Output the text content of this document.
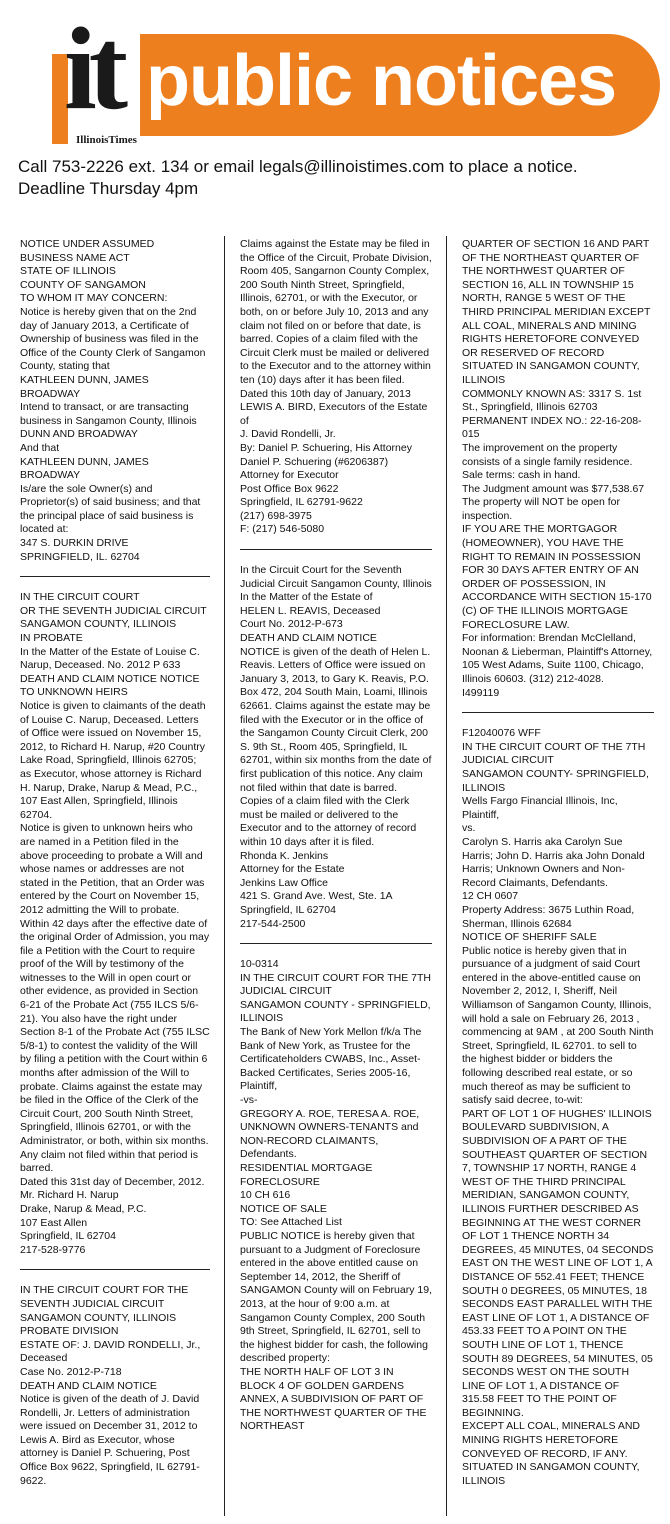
public notices
it
IllinoisTimes
Call 753-2226 ext. 134 or email legals@illinoistimes.com to place a notice.
Deadline Thursday 4pm
NOTICE UNDER ASSUMED
BUSINESS NAME ACT
STATE OF ILLINOIS
COUNTY OF SANGAMON
TO WHOM IT MAY CONCERN:
Notice is hereby given that on the 2nd day of January 2013, a Certificate of Ownership of business was filed in the Office of the County Clerk of Sangamon County, stating that
KATHLEEN DUNN, JAMES BROADWAY
Intend to transact, or are transacting business in Sangamon County, Illinois
DUNN AND BROADWAY
And that
KATHLEEN DUNN, JAMES BROADWAY
Is/are the sole Owner(s) and Proprietor(s) of said business; and that the principal place of said business is located at:
347 S. DURKIN DRIVE
SPRINGFIELD, IL. 62704
IN THE CIRCUIT COURT
OR THE SEVENTH JUDICIAL CIRCUIT
SANGAMON COUNTY, ILLINOIS
IN PROBATE
In the Matter of the Estate of Louise C. Narup, Deceased. No. 2012 P 633
DEATH AND CLAIM NOTICE NOTICE TO UNKNOWN HEIRS
Notice is given to claimants of the death of Louise C. Narup, Deceased. Letters of Office were issued on November 15, 2012, to Richard H. Narup, #20 Country Lake Road, Springfield, Illinois 62705; as Executor, whose attorney is Richard H. Narup, Drake, Narup & Mead, P.C., 107 East Allen, Springfield, Illinois 62704.
Notice is given to unknown heirs who are named in a Petition filed in the above proceeding to probate a Will and whose names or addresses are not stated in the Petition, that an Order was entered by the Court on November 15, 2012 admitting the Will to probate. Within 42 days after the effective date of the original Order of Admission, you may file a Petition with the Court to require proof of the Will by testimony of the witnesses to the Will in open court or other evidence, as provided in Section 6-21 of the Probate Act (755 ILCS 5/6-21). You also have the right under Section 8-1 of the Probate Act (755 ILSC 5/8-1) to contest the validity of the Will by filing a petition with the Court within 6 months after admission of the Will to probate. Claims against the estate may be filed in the Office of the Clerk of the Circuit Court, 200 South Ninth Street, Springfield, Illinois 62701, or with the Administrator, or both, within six months. Any claim not filed within that period is barred.
Dated this 31st day of December, 2012.
Mr. Richard H. Narup
Drake, Narup & Mead, P.C.
107 East Allen
Springfield, IL 62704
217-528-9776
IN THE CIRCUIT COURT FOR THE SEVENTH JUDICIAL CIRCUIT
SANGAMON COUNTY, ILLINOIS
PROBATE DIVISION
ESTATE OF: J. DAVID RONDELLI, Jr., Deceased
Case No. 2012-P-718
DEATH AND CLAIM NOTICE
Notice is given of the death of J. David Rondelli, Jr. Letters of administration were issued on December 31, 2012 to Lewis A. Bird as Executor, whose attorney is Daniel P. Schuering, Post Office Box 9622, Springfield, IL 62791-9622.
Claims against the Estate may be filed in the Office of the Circuit, Probate Division, Room 405, Sangarnon County Complex, 200 South Ninth Street, Springfield, Illinois, 62701, or with the Executor, or both, on or before July 10, 2013 and any claim not filed on or before that date, is barred. Copies of a claim filed with the Circuit Clerk must be mailed or delivered to the Executor and to the attorney within ten (10) days after it has been filed.
Dated this 10th day of January, 2013
LEWIS A. BIRD, Executors of the Estate of
J. David Rondelli, Jr.
By: Daniel P. Schuering, His Attorney
Daniel P. Schuering (#6206387)
Attorney for Executor
Post Office Box 9622
Springfield, IL 62791-9622
(217) 698-3975
F: (217) 546-5080
In the Circuit Court for the Seventh Judicial Circuit Sangamon County, Illinois
In the Matter of the Estate of
HELEN L. REAVIS, Deceased
Court No. 2012-P-673
DEATH AND CLAIM NOTICE
NOTICE is given of the death of Helen L. Reavis. Letters of Office were issued on January 3, 2013, to Gary K. Reavis, P.O. Box 472, 204 South Main, Loami, Illinois 62661. Claims against the estate may be filed with the Executor or in the office of the Sangamon County Circuit Clerk, 200 S. 9th St., Room 405, Springfield, IL 62701, within six months from the date of first publication of this notice. Any claim not filed within that date is barred. Copies of a claim filed with the Clerk must be mailed or delivered to the Executor and to the attorney of record within 10 days after it is filed.
Rhonda K. Jenkins
Attorney for the Estate
Jenkins Law Office
421 S. Grand Ave. West, Ste. 1A
Springfield, IL 62704
217-544-2500
10-0314
IN THE CIRCUIT COURT FOR THE 7TH JUDICIAL CIRCUIT
SANGAMON COUNTY - SPRINGFIELD, ILLINOIS
The Bank of New York Mellon f/k/a The Bank of New York, as Trustee for the Certificateholders CWABS, Inc., Asset-Backed Certificates, Series 2005-16, Plaintiff,
-vs-
GREGORY A. ROE, TERESA A. ROE, UNKNOWN OWNERS-TENANTS and NON-RECORD CLAIMANTS, Defendants.
RESIDENTIAL MORTGAGE FORECLOSURE
10 CH 616
NOTICE OF SALE
TO: See Attached List
PUBLIC NOTICE is hereby given that pursuant to a Judgment of Foreclosure entered in the above entitled cause on September 14, 2012, the Sheriff of SANGAMON County will on February 19, 2013, at the hour of 9:00 a.m. at Sangamon County Complex, 200 South 9th Street, Springfield, IL 62701, sell to the highest bidder for cash, the following described property:
THE NORTH HALF OF LOT 3 IN BLOCK 4 OF GOLDEN GARDENS ANNEX, A SUBDIVISION OF PART OF THE NORTHWEST QUARTER OF THE NORTHEAST
QUARTER OF SECTION 16 AND PART OF THE NORTHEAST QUARTER OF THE NORTHWEST QUARTER OF SECTION 16, ALL IN TOWNSHIP 15 NORTH, RANGE 5 WEST OF THE THIRD PRINCIPAL MERIDIAN EXCEPT ALL COAL, MINERALS AND MINING RIGHTS HERETOFORE CONVEYED OR RESERVED OF RECORD SITUATED IN SANGAMON COUNTY, ILLINOIS
COMMONLY KNOWN AS: 3317 S. 1st St., Springfield, Illinois 62703
PERMANENT INDEX NO.: 22-16-208-015
The improvement on the property consists of a single family residence.
Sale terms: cash in hand.
The Judgment amount was $77,538.67
The property will NOT be open for inspection.
IF YOU ARE THE MORTGAGOR (HOMEOWNER), YOU HAVE THE RIGHT TO REMAIN IN POSSESSION FOR 30 DAYS AFTER ENTRY OF AN ORDER OF POSSESSION, IN ACCORDANCE WITH SECTION 15-170 (C) OF THE ILLINOIS MORTGAGE FORECLOSURE LAW.
For information: Brendan McClelland, Noonan & Lieberman, Plaintiff's Attorney, 105 West Adams, Suite 1100, Chicago, Illinois 60603. (312) 212-4028.
I499119
F12040076 WFF
IN THE CIRCUIT COURT OF THE 7TH JUDICIAL CIRCUIT
SANGAMON COUNTY- SPRINGFIELD, ILLINOIS
Wells Fargo Financial Illinois, Inc, Plaintiff,
vs.
Carolyn S. Harris aka Carolyn Sue Harris; John D. Harris aka John Donald Harris; Unknown Owners and Non-Record Claimants, Defendants.
12 CH 0607
Property Address: 3675 Luthin Road, Sherman, Illinois 62684
NOTICE OF SHERIFF SALE
Public notice is hereby given that in pursuance of a judgment of said Court entered in the above-entitled cause on November 2, 2012, I, Sheriff, Neil Williamson of Sangamon County, Illinois, will hold a sale on February 26, 2013 , commencing at 9AM , at 200 South Ninth Street, Springfield, IL 62701. to sell to the highest bidder or bidders the following described real estate, or so much thereof as may be sufficient to satisfy said decree, to-wit:
PART OF LOT 1 OF HUGHES' ILLINOIS BOULEVARD SUBDIVISION, A SUBDIVISION OF A PART OF THE SOUTHEAST QUARTER OF SECTION 7, TOWNSHIP 17 NORTH, RANGE 4 WEST OF THE THIRD PRINCIPAL MERIDIAN, SANGAMON COUNTY, ILLINOIS FURTHER DESCRIBED AS BEGINNING AT THE WEST CORNER OF LOT 1 THENCE NORTH 34 DEGREES, 45 MINUTES, 04 SECONDS EAST ON THE WEST LINE OF LOT 1, A DISTANCE OF 552.41 FEET; THENCE SOUTH 0 DEGREES, 05 MINUTES, 18 SECONDS EAST PARALLEL WITH THE EAST LINE OF LOT 1, A DISTANCE OF 453.33 FEET TO A POINT ON THE SOUTH LINE OF LOT 1, THENCE SOUTH 89 DEGREES, 54 MINUTES, 05 SECONDS WEST ON THE SOUTH LINE OF LOT 1, A DISTANCE OF 315.58 FEET TO THE POINT OF BEGINNING.
EXCEPT ALL COAL, MINERALS AND MINING RIGHTS HERETOFORE CONVEYED OF RECORD, IF ANY.
SITUATED IN SANGAMON COUNTY, ILLINOIS
